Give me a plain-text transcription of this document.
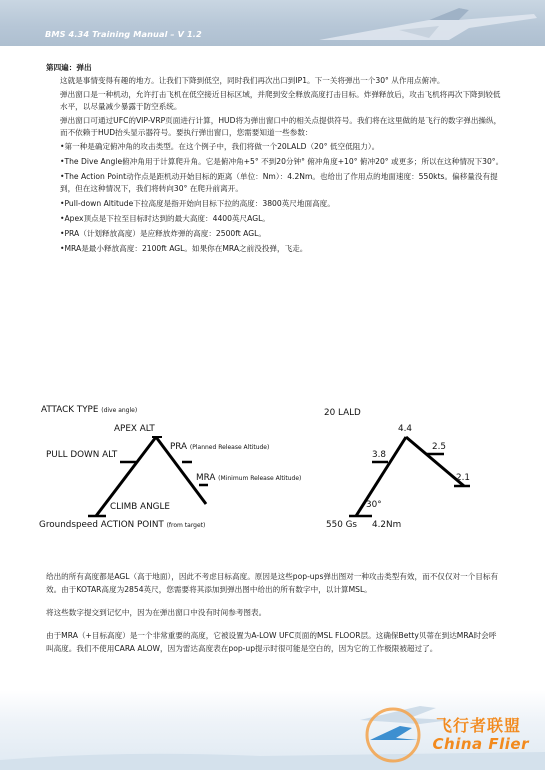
BMS 4.34 Training Manual – V 1.2
第四遍：弹出

这就是事情变得有趣的地方。让我们下降到低空，同时我们再次出口到IP1。下一关将弹出一个30° 从作用点俯冲。

弹出窗口是一种机动，允许打击飞机在低空接近目标区域，并爬到安全释放高度打击目标。炸弹释放后，攻击飞机将再次下降到较低水平，以尽量减少暴露于防空系统。

弹出窗口可通过UFC的VIP-VRP页面进行计算，HUD将为弹出窗口中的相关点提供符号。我们将在这里做的是飞行的数字弹出操纵，而不依赖于HUD抬头显示器符号。要执行弹出窗口，您需要知道一些参数：

•第一种是确定俯冲角的攻击类型。在这个例子中，我们将做一个20LALD（20° 低空低阻力）。

•The Dive Angle俯冲角用于计算爬升角。它是俯冲角+5° 不到20分钟° 俯冲角度+10° 俯冲20° 或更多；所以在这种情况下30°。

•The Action Point动作点是距机动开始目标的距离（单位：Nm）：4.2Nm。也给出了作用点的地面速度：550kts。偏移量没有提到，但在这种情况下，我们将转向30° 在爬升前离开。

•Pull-down Altitude下拉高度是指开始向目标下拉的高度：3800英尺地面高度。

•Apex顶点是下拉至目标时达到的最大高度：4400英尺AGL。

•PRA（计划释放高度）是应释放炸弹的高度：2500ft AGL。

•MRA是最小释放高度：2100ft AGL。如果你在MRA之前没投弹，飞走。

ATTACK TYPE (dive angle)
APEX ALT
PULL DOWN ALT
PRA (Planned Release Altitude)
MRA (Minimum Release Altitude)
CLIMB ANGLE
Groundspeed ACTION POINT (from target)
20 LALD
4.4
3.8
2.5
2.1
30°
550 Gs 4.2Nm

给出的所有高度都是AGL（高于地面），因此不考虑目标高度。原因是这些pop-ups弹出图对一种攻击类型有效，而不仅仅对一个目标有效。由于KOTAR高度为2854英尺，您需要将其添加到弹出图中给出的所有数字中，以计算MSL。

将这些数字提交到记忆中，因为在弹出窗口中没有时间参考图表。

由于MRA（+目标高度）是一个非常重要的高度，它被设置为A-LOW UFC页面的MSL FLOOR层。这确保Betty贝蒂在到达MRA时会呼叫高度。我们不使用CARA ALOW，因为雷达高度表在pop-up提示时很可能是空白的，因为它的工作极限被超过了。

飞行者联盟
China Flier
